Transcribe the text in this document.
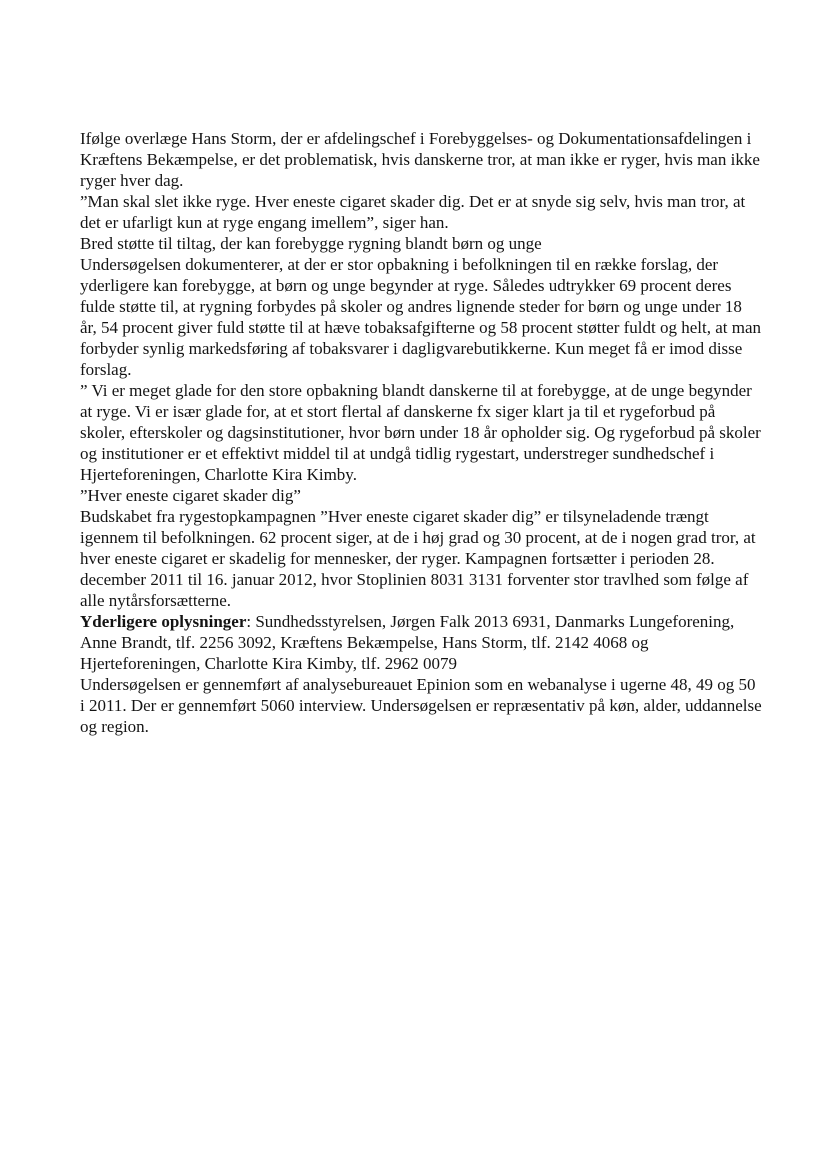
Ifølge overlæge Hans Storm, der er afdelingschef i Forebyggelses- og Dokumentationsafdelingen i Kræftens Bekæmpelse, er det problematisk, hvis danskerne tror, at man ikke er ryger, hvis man ikke ryger hver dag.

”Man skal slet ikke ryge. Hver eneste cigaret skader dig. Det er at snyde sig selv, hvis man tror, at det er ufarligt kun at ryge engang imellem”, siger han.

Bred støtte til tiltag, der kan forebygge rygning blandt børn og unge

Undersøgelsen dokumenterer, at der er stor opbakning i befolkningen til en række forslag, der yderligere kan forebygge, at børn og unge begynder at ryge. Således udtrykker 69 procent deres fulde støtte til, at rygning forbydes på skoler og andres lignende steder for børn og unge under 18 år, 54 procent giver fuld støtte til at hæve tobaksafgifterne og 58 procent støtter fuldt og helt, at man forbyder synlig markedsføring af tobaksvarer i dagligvarebutikkerne. Kun meget få er imod disse forslag.

” Vi er meget glade for den store opbakning blandt danskerne til at forebygge, at de unge begynder at ryge. Vi er især glade for, at et stort flertal af danskerne fx siger klart ja til et rygeforbud på skoler, efterskoler og dagsinstitutioner, hvor børn under 18 år opholder sig. Og rygeforbud på skoler og institutioner er et effektivt middel til at undgå tidlig rygestart, understreger sundhedschef i Hjerteforeningen, Charlotte Kira Kimby.

”Hver eneste cigaret skader dig”

Budskabet fra rygestopkampagnen ”Hver eneste cigaret skader dig” er tilsyneladende trængt igennem til befolkningen. 62 procent siger, at de i høj grad og 30 procent, at de i nogen grad tror, at hver eneste cigaret er skadelig for mennesker, der ryger. Kampagnen fortsætter i perioden 28. december 2011 til 16. januar 2012, hvor Stoplinien 8031 3131 forventer stor travlhed som følge af alle nytårsforsætterne.

Yderligere oplysninger: Sundhedsstyrelsen, Jørgen Falk 2013 6931, Danmarks Lungeforening, Anne Brandt, tlf. 2256 3092, Kræftens Bekæmpelse, Hans Storm, tlf. 2142 4068 og Hjerteforeningen, Charlotte Kira Kimby, tlf. 2962 0079

Undersøgelsen er gennemført af analysebureauet Epinion som en webanalyse i ugerne 48, 49 og 50 i 2011. Der er gennemført 5060 interview. Undersøgelsen er repræsentativ på køn, alder, uddannelse og region.
